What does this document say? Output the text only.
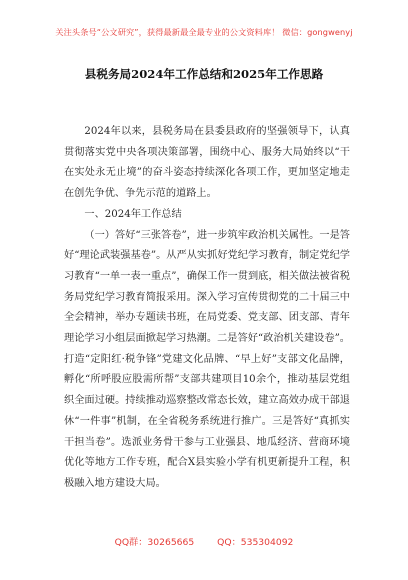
关注头条号“公文研究”，获得最新最全最专业的公文资料库！ 微信：gongwenyj
县税务局2024年工作总结和2025年工作思路

2024年以来，县税务局在县委县政府的坚强领导下，认真贯彻落实党中央各项决策部署，围绕中心、服务大局始终以“干在实处永无止境”的奋斗姿态持续深化各项工作，更加坚定地走在创先争优、争先示范的道路上。

一、2024年工作总结

（一）答好“三张答卷”，进一步筑牢政治机关属性。一是答好“理论武装强基卷”。从严从实抓好党纪学习教育，制定党纪学习教育“一单一表一重点”，确保工作一贯到底，相关做法被省税务局党纪学习教育简报采用。深入学习宣传贯彻党的二十届三中全会精神，举办专题读书班，在局党委、党支部、团支部、青年理论学习小组层面掀起学习热潮。二是答好“政治机关建设卷”。打造“定阳红·税争锋”党建文化品牌、“早上好”支部文化品牌，孵化“所呼股应股需所帮”支部共建项目10余个，推动基层党组织全面过硬。持续推动巡察整改常态长效，建立高效办成干部退休“一件事”机制，在全省税务系统进行推广。三是答好“真抓实干担当卷”。选派业务骨干参与工业强县、地瓜经济、营商环境优化等地方工作专班，配合X县实验小学有机更新提升工程，积极融入地方建设大局。

QQ群：30265665 QQ：535304092
